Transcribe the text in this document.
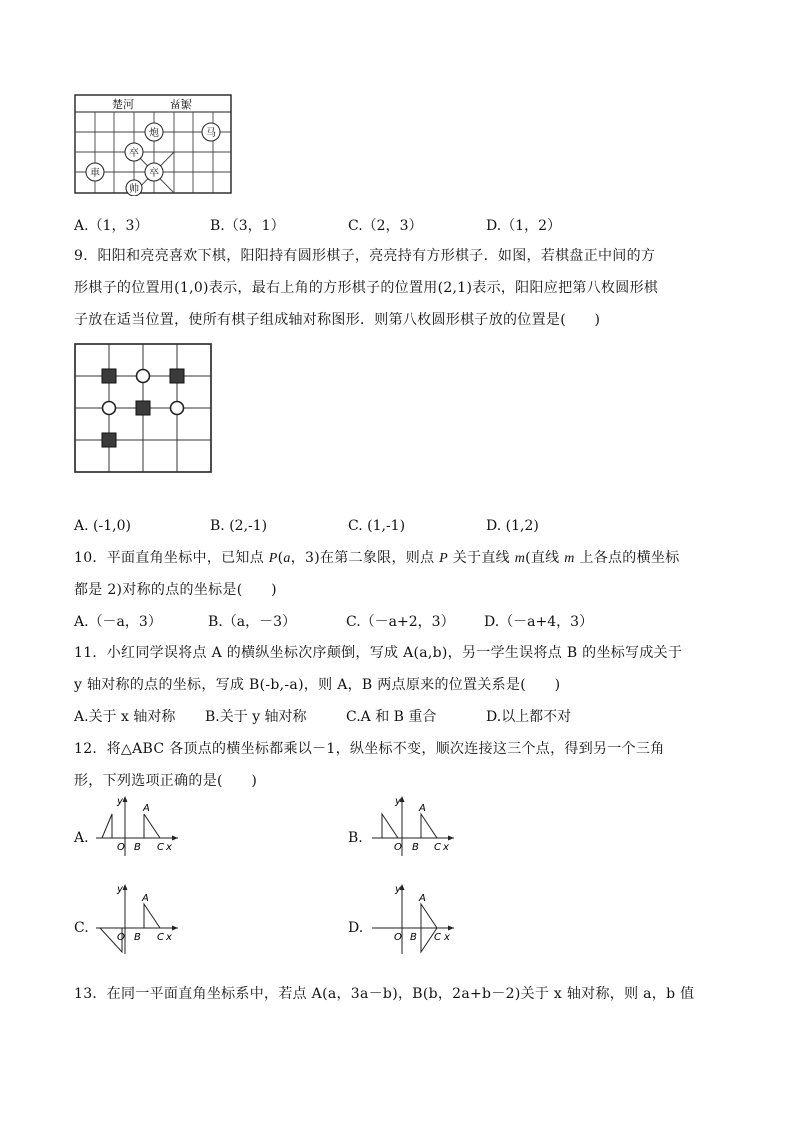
楚河	漢界
炮	马
卒
卒
車
帅
A.（1，3）	B.（3，1）	C.（2，3）	D.（1，2）
9．阳阳和亮亮喜欢下棋，阳阳持有圆形棋子，亮亮持有方形棋子．如图，若棋盘正中间的方
形棋子的位置用(1,0)表示，最右上角的方形棋子的位置用(2,1)表示，阳阳应把第八枚圆形棋
子放在适当位置，使所有棋子组成轴对称图形．则第八枚圆形棋子放的位置是(　　)
A. (-1,0)	B. (2,-1)	C. (1,-1)	D. (1,2)
10．平面直角坐标中，已知点 P(a，3)在第二象限，则点 P 关于直线 m(直线 m 上各点的横坐标
都是 2)对称的点的坐标是(　　)
A.（－a，3）	B.（a，－3）	C.（－a+2，3） D.（－a+4，3）
11．小红同学误将点 A 的横纵坐标次序颠倒，写成 A(a,b)，另一学生误将点 B 的坐标写成关于
y 轴对称的点的坐标，写成 B(-b,-a)，则 A，B 两点原来的位置关系是(　　)
A.关于 x 轴对称 B.关于 y 轴对称	C.A 和 B 重合	D.以上都不对
12．将△ABC 各顶点的横坐标都乘以－1，纵坐标不变，顺次连接这三个点，得到另一个三角
形，下列选项正确的是(　　)
A.
y
A
O B C x
B.
y
A
O B C x
C.
y
A
O B C x
D.
y
A
O B C x
13．在同一平面直角坐标系中，若点 A(a，3a－b)，B(b，2a+b－2)关于 x 轴对称，则 a，b 值
